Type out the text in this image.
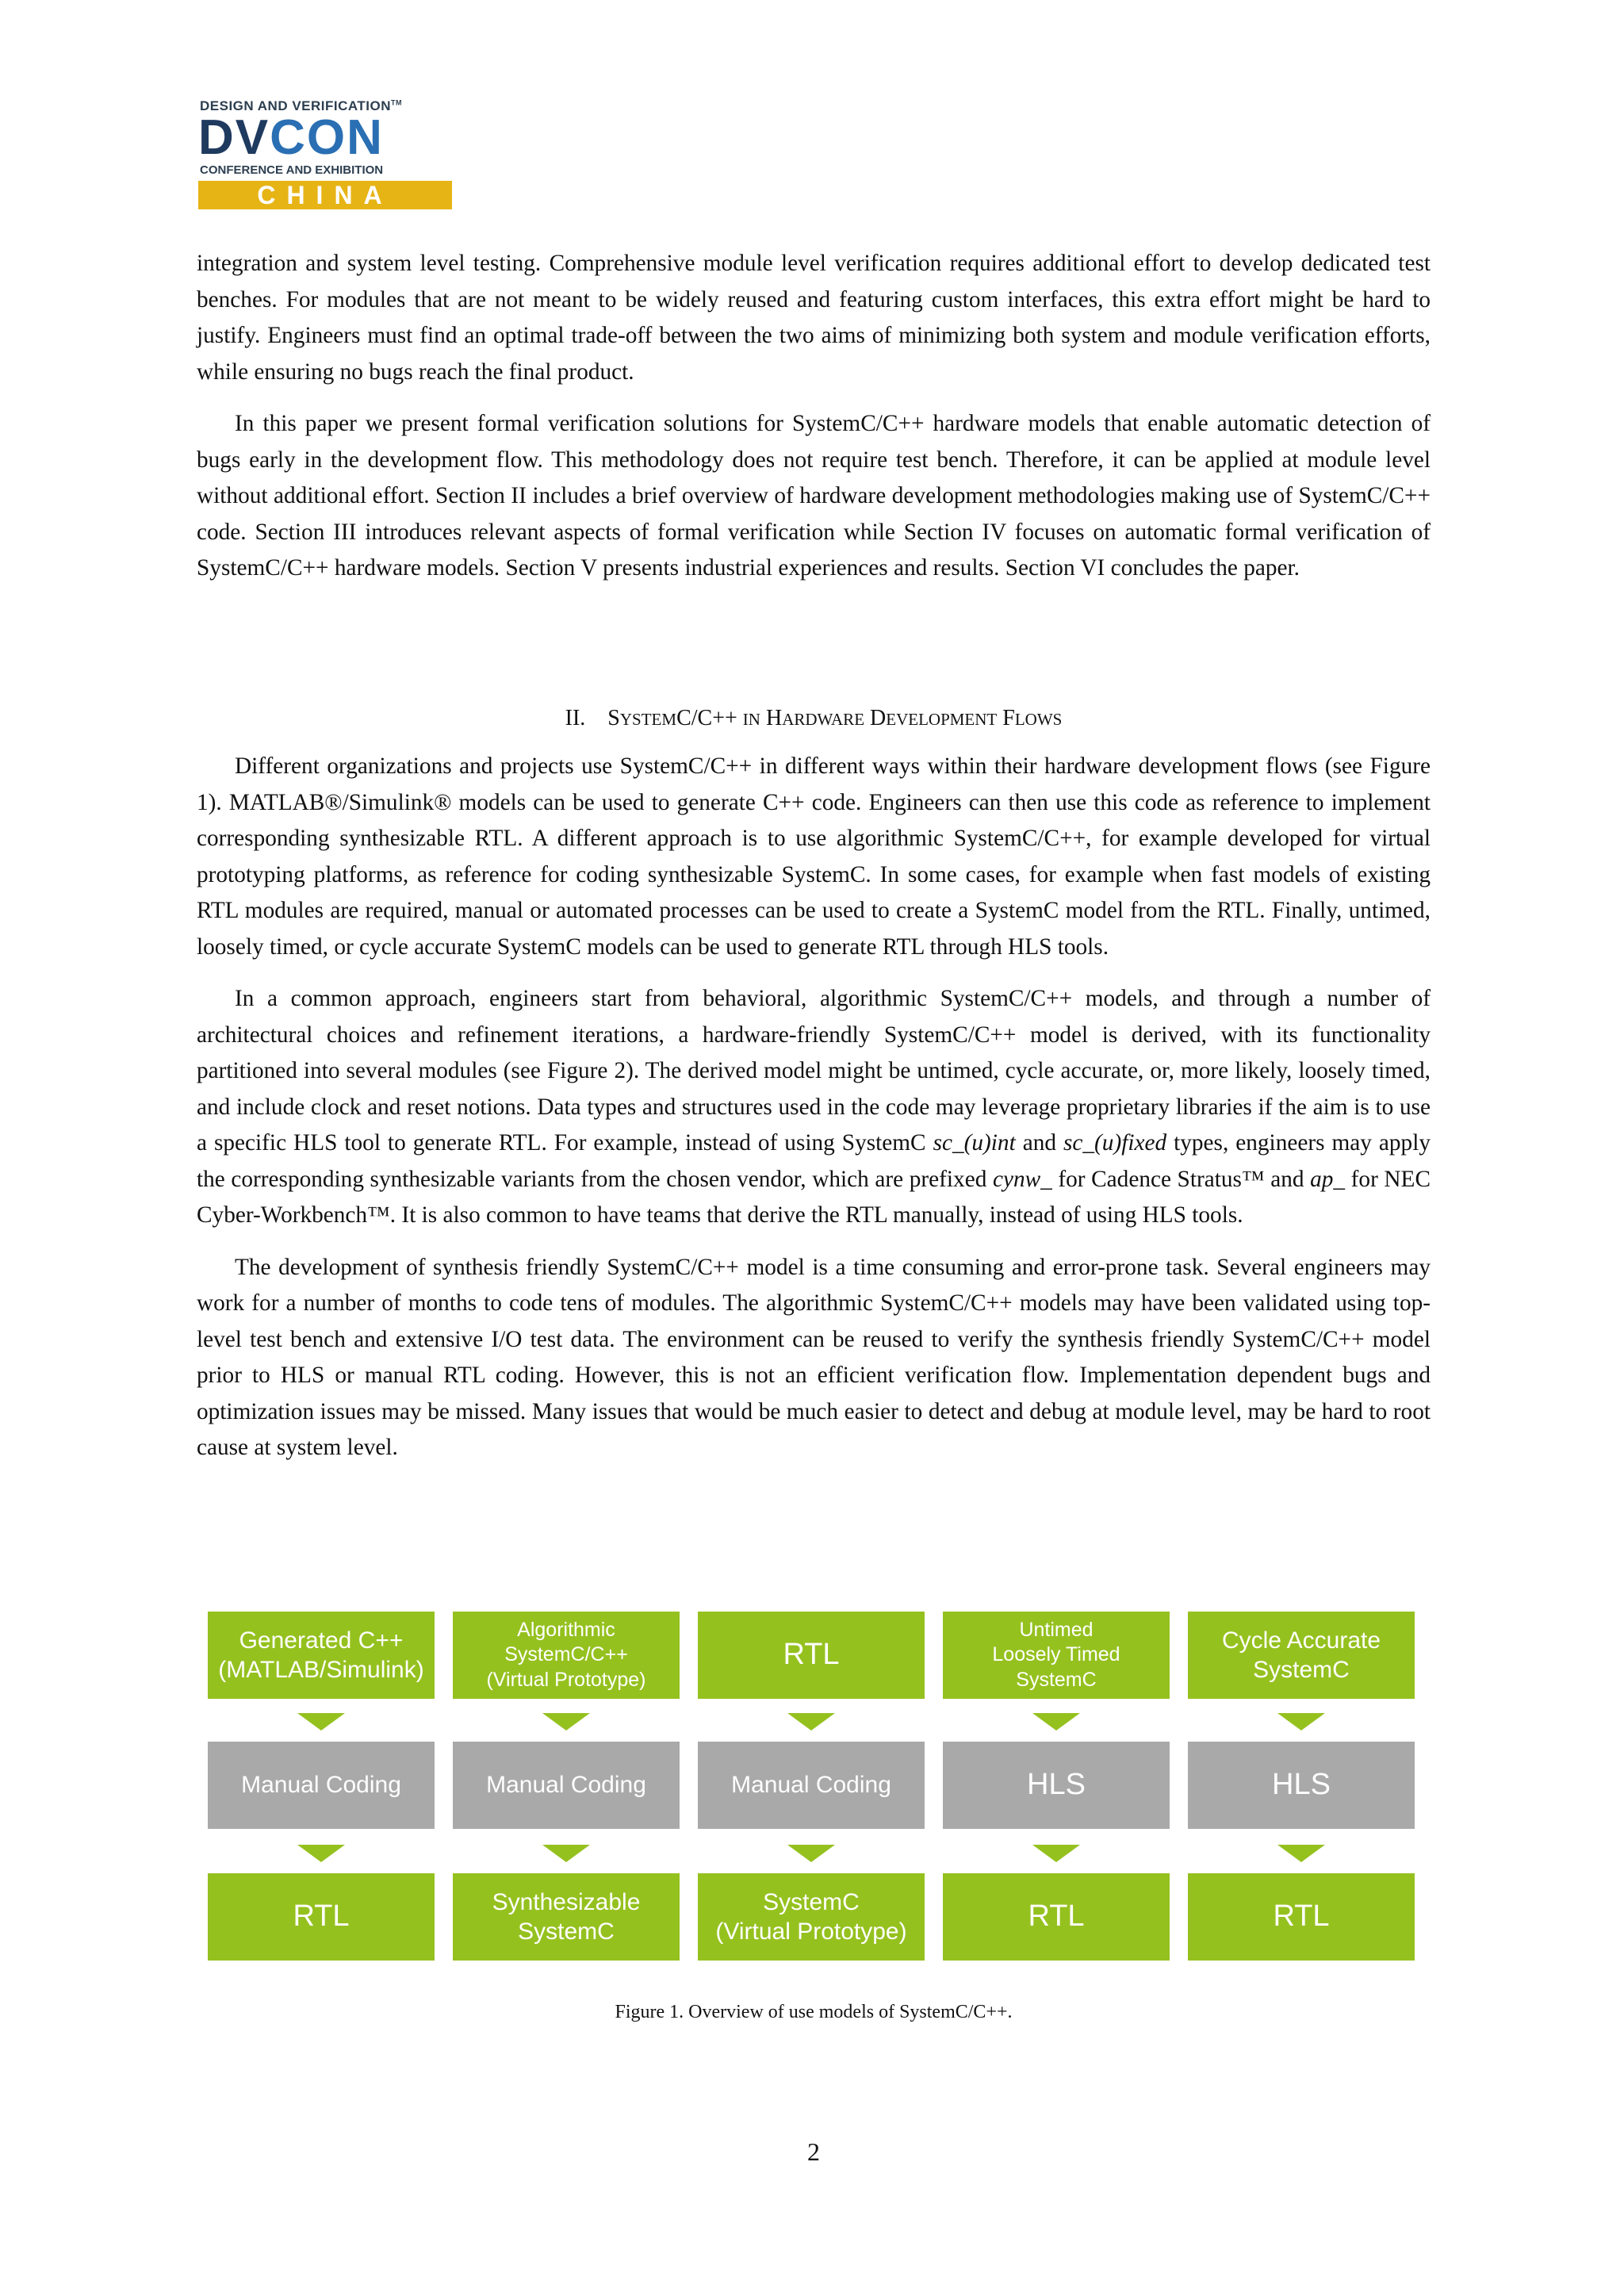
DESIGN AND VERIFICATION™
DVCON
CONFERENCE AND EXHIBITION
CHINA

integration and system level testing. Comprehensive module level verification requires additional effort to develop dedicated test benches. For modules that are not meant to be widely reused and featuring custom interfaces, this extra effort might be hard to justify. Engineers must find an optimal trade-off between the two aims of minimizing both system and module verification efforts, while ensuring no bugs reach the final product.

In this paper we present formal verification solutions for SystemC/C++ hardware models that enable automatic detection of bugs early in the development flow. This methodology does not require test bench. Therefore, it can be applied at module level without additional effort. Section II includes a brief overview of hardware development methodologies making use of SystemC/C++ code. Section III introduces relevant aspects of formal verification while Section IV focuses on automatic formal verification of SystemC/C++ hardware models. Section V presents industrial experiences and results. Section VI concludes the paper.

II. SYSTEMC/C++ IN HARDWARE DEVELOPMENT FLOWS

Different organizations and projects use SystemC/C++ in different ways within their hardware development flows (see Figure 1). MATLAB®/Simulink® models can be used to generate C++ code. Engineers can then use this code as reference to implement corresponding synthesizable RTL. A different approach is to use algorithmic SystemC/C++, for example developed for virtual prototyping platforms, as reference for coding synthesizable SystemC. In some cases, for example when fast models of existing RTL modules are required, manual or automated processes can be used to create a SystemC model from the RTL. Finally, untimed, loosely timed, or cycle accurate SystemC models can be used to generate RTL through HLS tools.

In a common approach, engineers start from behavioral, algorithmic SystemC/C++ models, and through a number of architectural choices and refinement iterations, a hardware-friendly SystemC/C++ model is derived, with its functionality partitioned into several modules (see Figure 2). The derived model might be untimed, cycle accurate, or, more likely, loosely timed, and include clock and reset notions. Data types and structures used in the code may leverage proprietary libraries if the aim is to use a specific HLS tool to generate RTL. For example, instead of using SystemC sc_(u)int and sc_(u)fixed types, engineers may apply the corresponding synthesizable variants from the chosen vendor, which are prefixed cynw_ for Cadence Stratus™ and ap_ for NEC Cyber-Workbench™. It is also common to have teams that derive the RTL manually, instead of using HLS tools.

The development of synthesis friendly SystemC/C++ model is a time consuming and error-prone task. Several engineers may work for a number of months to code tens of modules. The algorithmic SystemC/C++ models may have been validated using top-level test bench and extensive I/O test data. The environment can be reused to verify the synthesis friendly SystemC/C++ model prior to HLS or manual RTL coding. However, this is not an efficient verification flow. Implementation dependent bugs and optimization issues may be missed. Many issues that would be much easier to detect and debug at module level, may be hard to root cause at system level.

Generated C++
(MATLAB/Simulink)
Manual Coding
RTL
Algorithmic
SystemC/C++
(Virtual Prototype)
Manual Coding
Synthesizable
SystemC
RTL
Manual Coding
SystemC
(Virtual Prototype)
Untimed
Loosely Timed
SystemC
HLS
RTL
Cycle Accurate
SystemC
HLS
RTL
Figure 1. Overview of use models of SystemC/C++.
2
